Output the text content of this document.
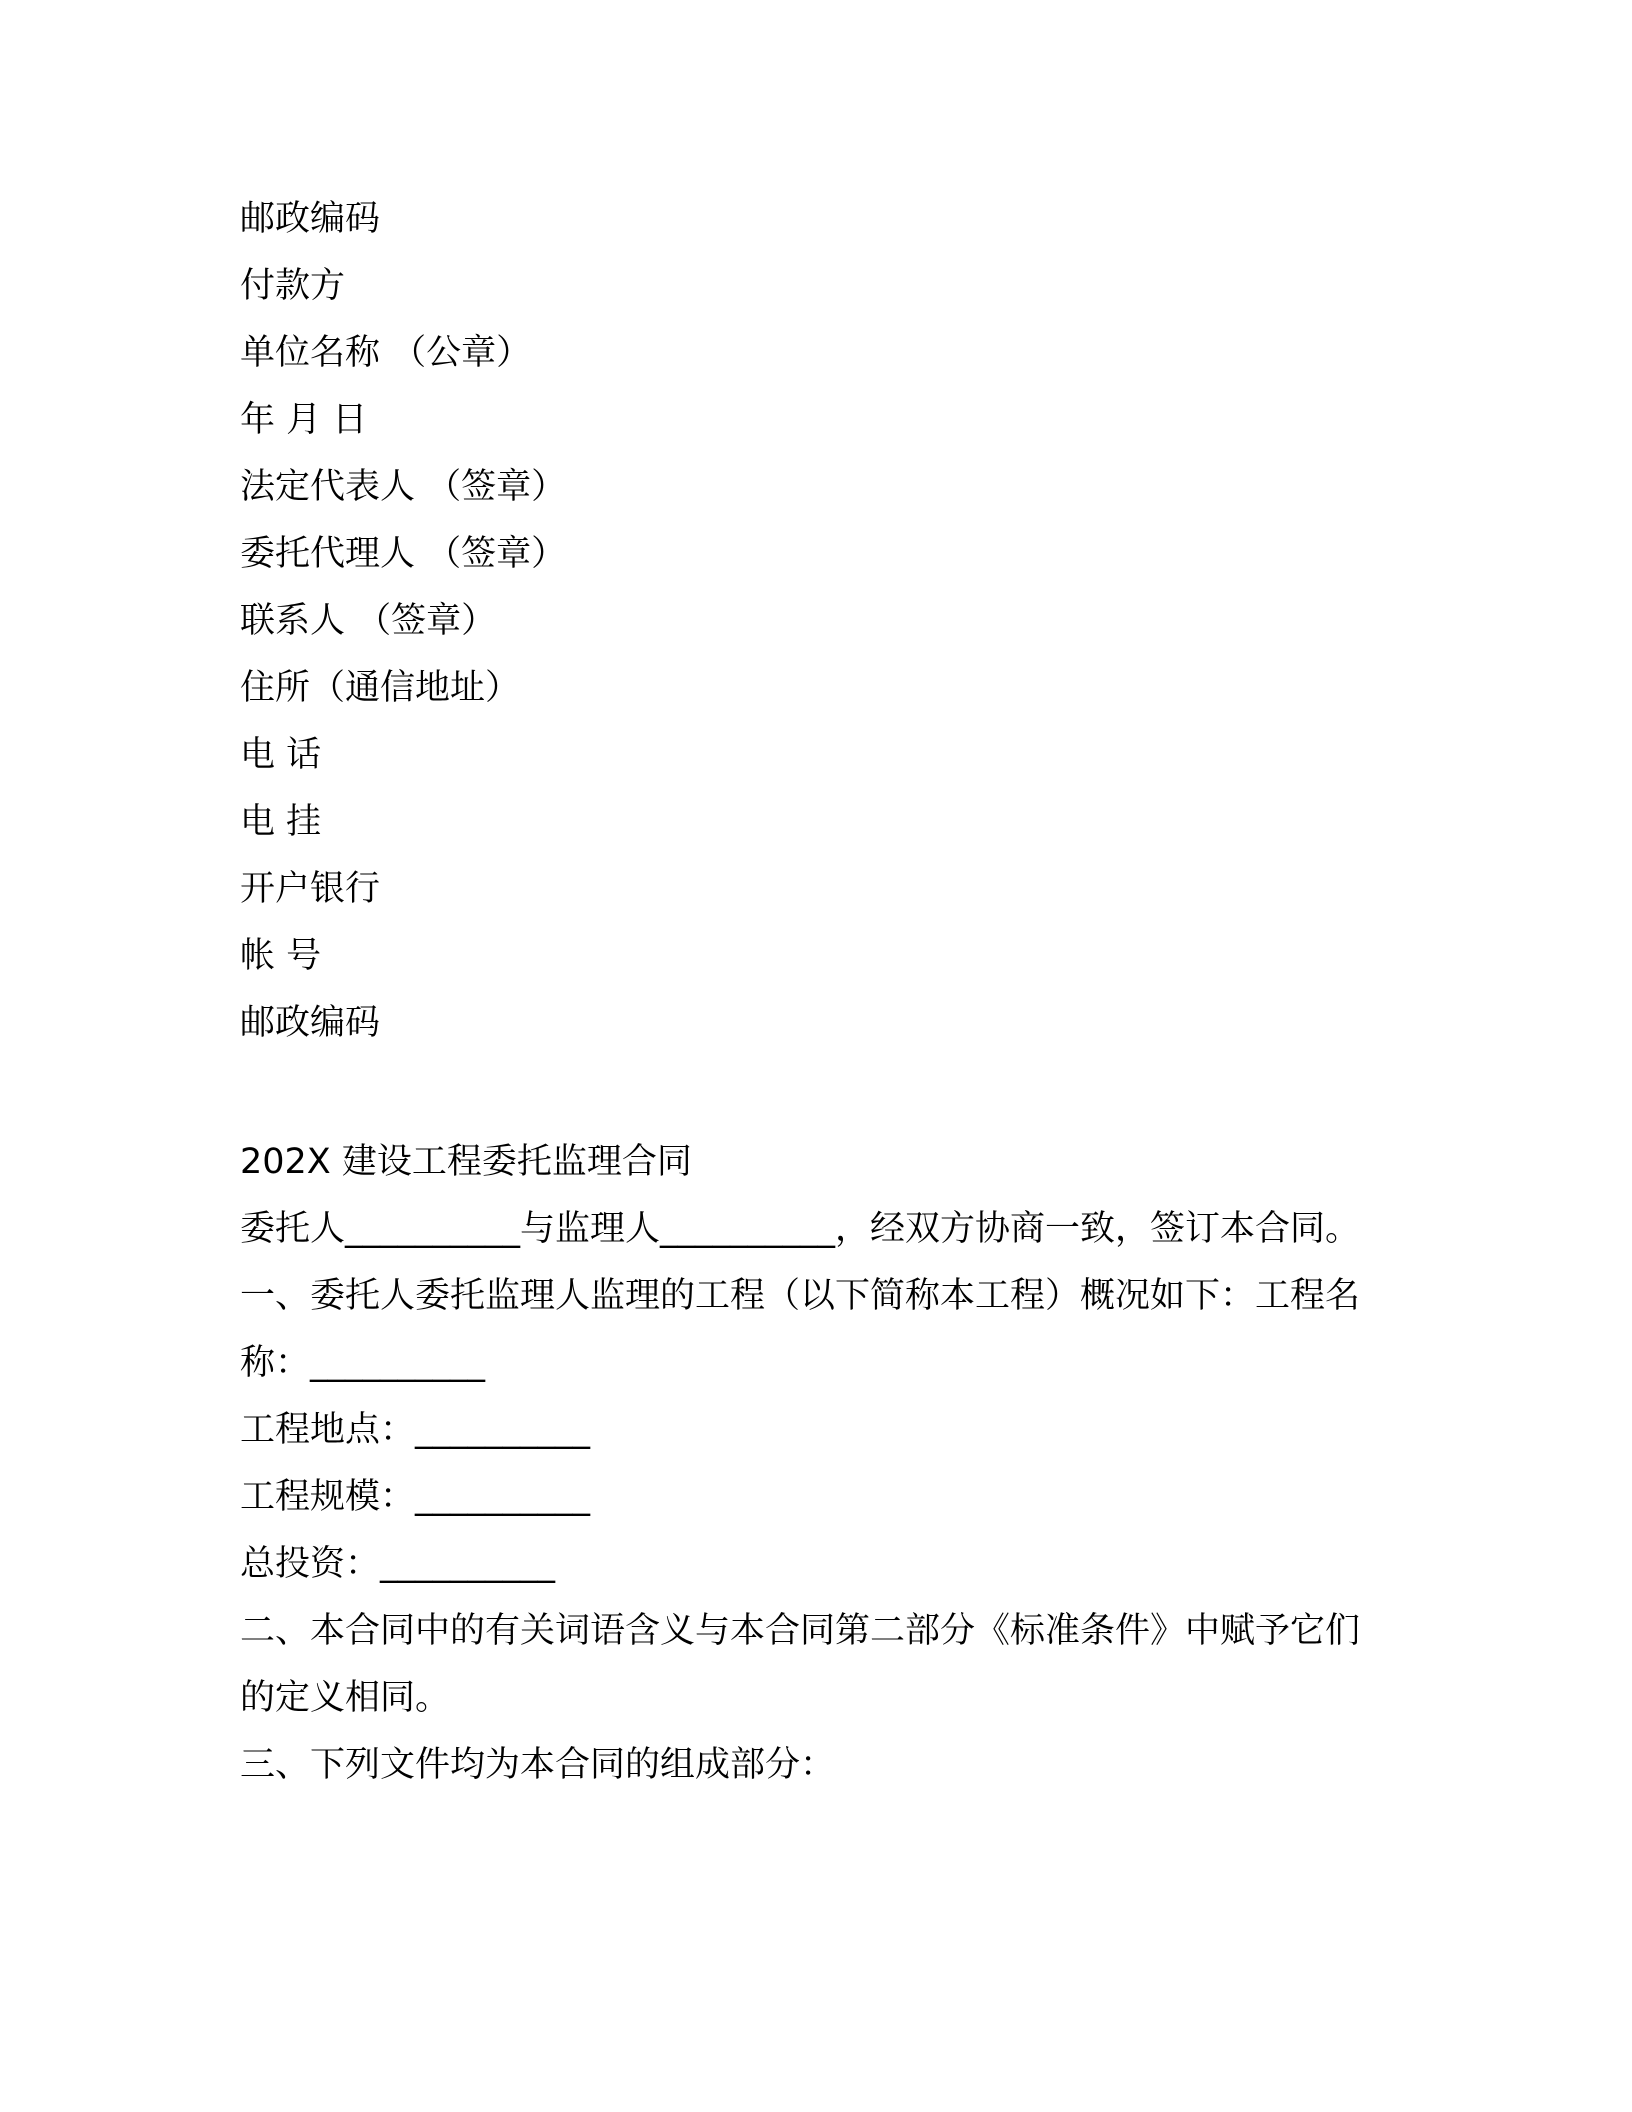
邮政编码

付款方

单位名称 （公章）

年 月 日

法定代表人 （签章）

委托代理人 （签章）

联系人 （签章）

住所（通信地址）

电 话

电 挂

开户银行

帐 号

邮政编码

202X 建设工程委托监理合同

委托人__________与监理人__________，经双方协商一致，签订本合同。

一、委托人委托监理人监理的工程（以下简称本工程）概况如下：工程名称：__________

工程地点：__________

工程规模：__________

总投资：__________

二、本合同中的有关词语含义与本合同第二部分《标准条件》中赋予它们的定义相同。

三、下列文件均为本合同的组成部分：
